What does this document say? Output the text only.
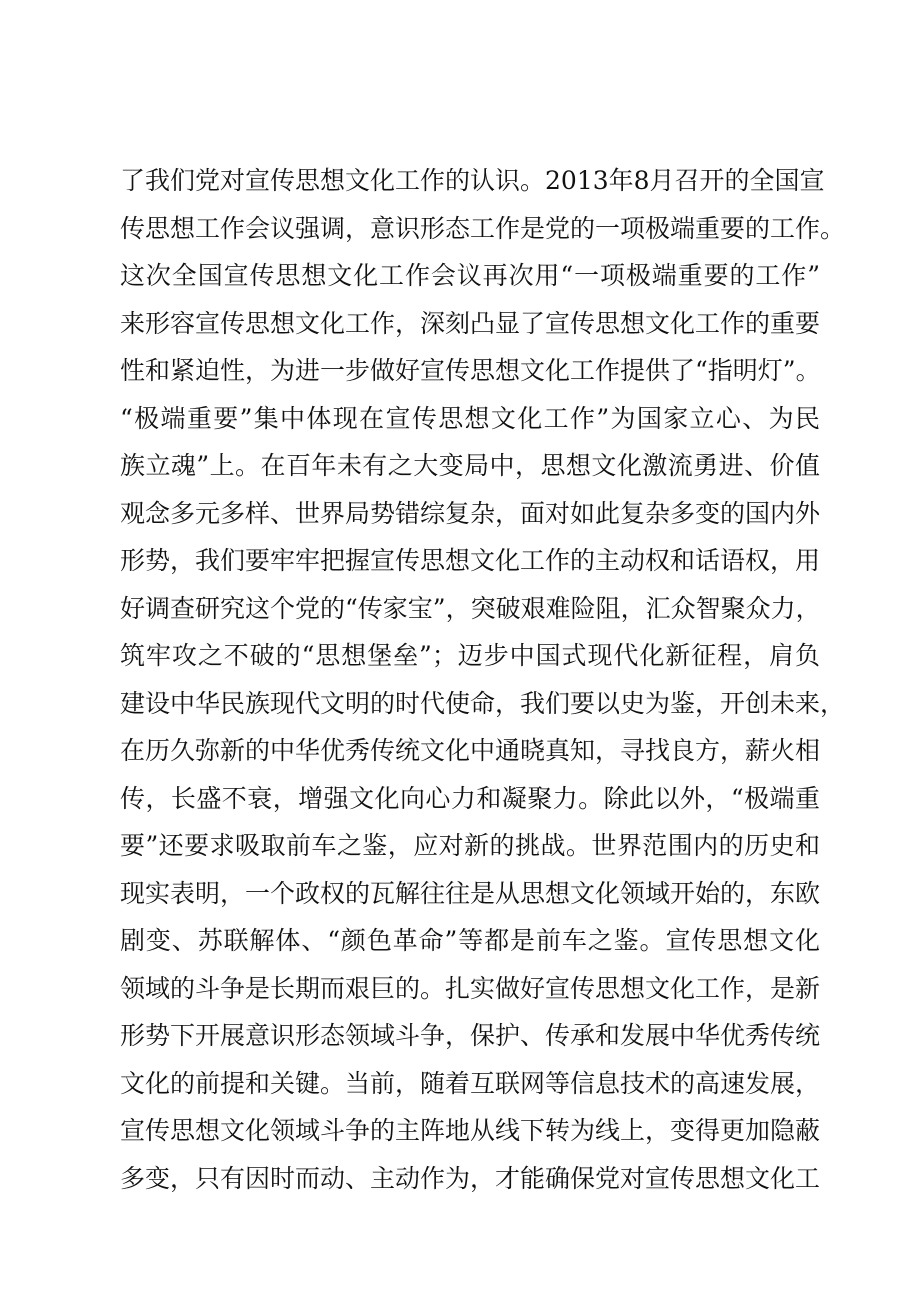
了我们党对宣传思想文化工作的认识。2013年8月召开的全国宣
传思想工作会议强调，意识形态工作是党的一项极端重要的工作。
这次全国宣传思想文化工作会议再次用“一项极端重要的工作”
来形容宣传思想文化工作，深刻凸显了宣传思想文化工作的重要
性和紧迫性，为进一步做好宣传思想文化工作提供了“指明灯”。
“极端重要”集中体现在宣传思想文化工作”为国家立心、为民
族立魂”上。在百年未有之大变局中，思想文化激流勇进、价值
观念多元多样、世界局势错综复杂，面对如此复杂多变的国内外
形势，我们要牢牢把握宣传思想文化工作的主动权和话语权，用
好调查研究这个党的“传家宝”，突破艰难险阻，汇众智聚众力，
筑牢攻之不破的“思想堡垒”；迈步中国式现代化新征程，肩负
建设中华民族现代文明的时代使命，我们要以史为鉴，开创未来，
在历久弥新的中华优秀传统文化中通晓真知，寻找良方，薪火相
传，长盛不衰，增强文化向心力和凝聚力。除此以外，“极端重
要”还要求吸取前车之鉴，应对新的挑战。世界范围内的历史和
现实表明，一个政权的瓦解往往是从思想文化领域开始的，东欧
剧变、苏联解体、“颜色革命”等都是前车之鉴。宣传思想文化
领域的斗争是长期而艰巨的。扎实做好宣传思想文化工作，是新
形势下开展意识形态领域斗争，保护、传承和发展中华优秀传统
文化的前提和关键。当前，随着互联网等信息技术的高速发展，
宣传思想文化领域斗争的主阵地从线下转为线上，变得更加隐蔽
多变，只有因时而动、主动作为，才能确保党对宣传思想文化工
